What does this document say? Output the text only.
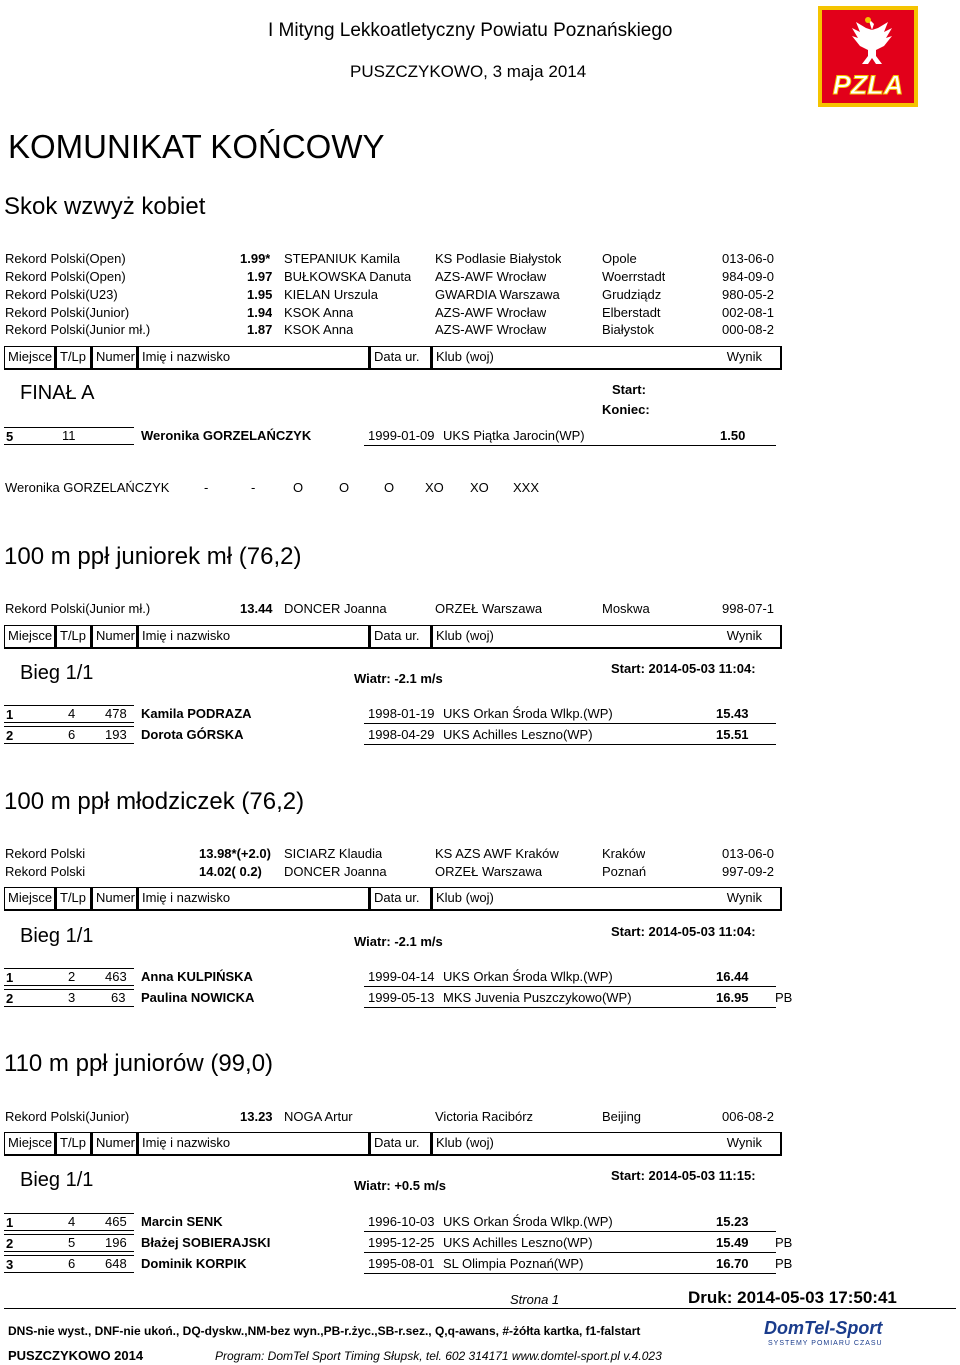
I Mityng Lekkoatletyczny Powiatu Poznańskiego
PUSZCZYKOWO, 3 maja 2014	PZLA
KOMUNIKAT KOŃCOWY
Skok wzwyż kobiet
Rekord Polski(Open)	1.99* STEPANIUK Kamila	KS Podlasie Białystok	Opole	013-06-0
Rekord Polski(Open)	1.97 BUŁKOWSKA Danuta AZS-AWF Wrocław	Woerrstadt	984-09-0
Rekord Polski(U23)	1.95 KIELAN Urszula	GWARDIA Warszawa	Grudziądz	980-05-2
Rekord Polski(Junior)	1.94 KSOK Anna	AZS-AWF Wrocław	Elberstadt	002-08-1
Rekord Polski(Junior mł.)	1.87 KSOK Anna	AZS-AWF Wrocław	Białystok	000-08-2
Miejsce T/Lp Numer Imię i nazwisko	Data ur.	Klub (woj)	Wynik
FINAŁ A	Start:
Koniec:
5	11	Weronika GORZELAŃCZYK	1999-01-09 UKS Piątka Jarocin(WP)	1.50
Weronika GORZELAŃCZYK	-	-	O	O	O XO XO XXX
100 m ppł juniorek mł (76,2)
Rekord Polski(Junior mł.)	13.44 DONCER Joanna	ORZEŁ Warszawa	Moskwa	998-07-1
Miejsce T/Lp Numer Imię i nazwisko	Data ur.	Klub (woj)	Wynik
Bieg 1/1	Wiatr: -2.1 m/s
Start: 2014-05-03 11:04:
1	4 478 Kamila PODRAZA	1998-01-19 UKS Orkan Środa Wlkp.(WP)	15.43
2	6 193 Dorota GÓRSKA	1998-04-29 UKS Achilles Leszno(WP)	15.51
100 m ppł młodziczek (76,2)
Rekord Polski	13.98*(+2.0) SICIARZ Klaudia	KS AZS AWF Kraków	Kraków	013-06-0
Rekord Polski	14.02( 0.2) DONCER Joanna	ORZEŁ Warszawa	Poznań	997-09-2
Miejsce T/Lp Numer Imię i nazwisko	Data ur.	Klub (woj)	Wynik
Bieg 1/1	Wiatr: -2.1 m/s
Start: 2014-05-03 11:04:
1	2 463 Anna KULPIŃSKA	1999-04-14 UKS Orkan Środa Wlkp.(WP)	16.44
2	3	63 Paulina NOWICKA	1999-05-13 MKS Juvenia Puszczykowo(WP)	16.95 PB
110 m ppł juniorów (99,0)
Rekord Polski(Junior)	13.23 NOGA Artur	Victoria Racibórz	Beijing	006-08-2
Miejsce T/Lp Numer Imię i nazwisko	Data ur.	Klub (woj)	Wynik
Bieg 1/1	Wiatr: +0.5 m/s
Start: 2014-05-03 11:15:
1	4 465 Marcin SENK	1996-10-03 UKS Orkan Środa Wlkp.(WP)	15.23
2	5 196 Błażej SOBIERAJSKI	1995-12-25 UKS Achilles Leszno(WP)	15.49 PB
3	6 648 Dominik KORPIK	1995-08-01 SL Olimpia Poznań(WP)	16.70 PB
Strona 1	Druk: 2014-05-03 17:50:41
DNS-nie wyst., DNF-nie ukoń., DQ-dyskw.,NM-bez wyn.,PB-r.życ.,SB-r.sez., Q,q-awans, #-żółta kartka, f1-falstart
PUSZCZYKOWO 2014	Program: DomTel Sport Timing Słupsk, tel. 602 314171 www.domtel-sport.pl v.4.023
DomTel-Sport
SYSTEMY POMIARU CZASU
